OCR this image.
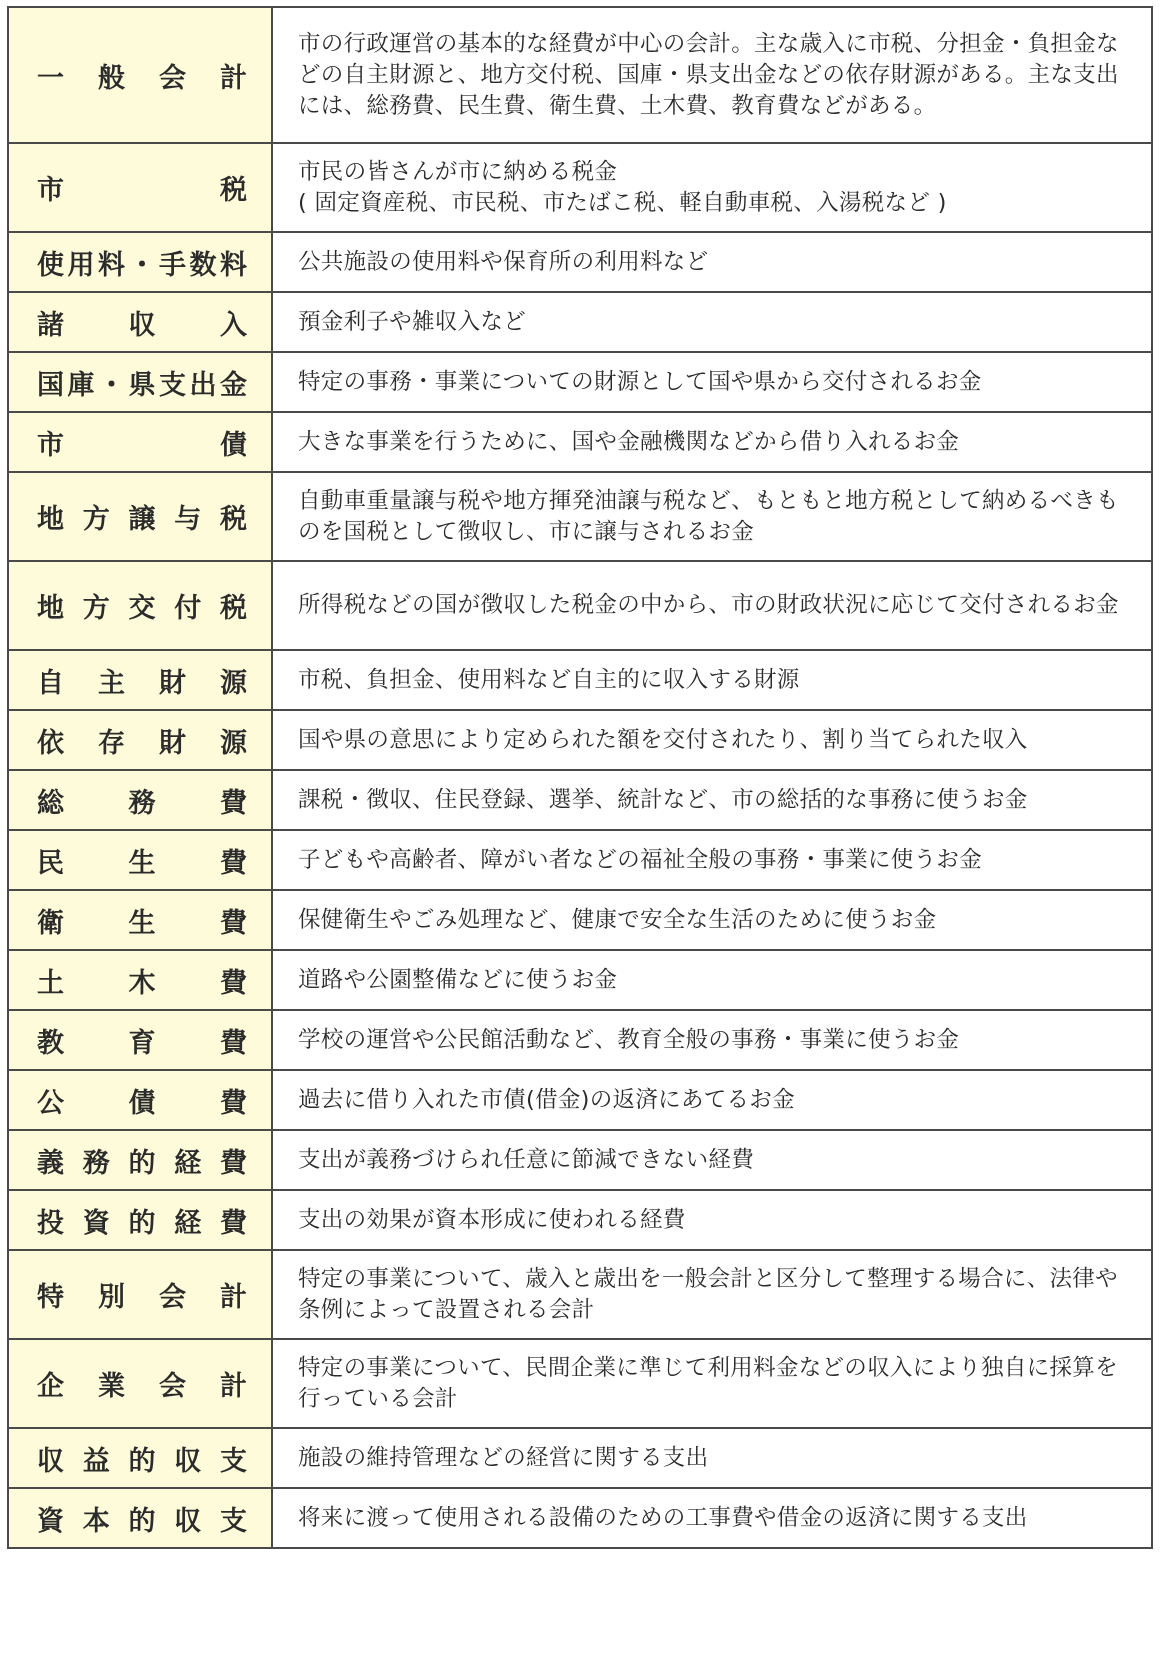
一 般 会 計	市の行政運営の基本的な経費が中心の会計。主な歳入に市税、分担金・負担金などの自主財源と、地方交付税、国庫・県支出金などの依存財源がある。主な支出には、総務費、民生費、衛生費、土木費、教育費などがある。

市 税	市民の皆さんが市に納める税金
( 固定資産税、市民税、市たばこ税、軽自動車税、入湯税など )

使用料・手数料	公共施設の使用料や保育所の利用料など

諸 収 入	預金利子や雑収入など

国庫・県支出金	特定の事務・事業についての財源として国や県から交付されるお金

市 債	大きな事業を行うために、国や金融機関などから借り入れるお金

地 方 譲 与 税	自動車重量譲与税や地方揮発油譲与税など、もともと地方税として納めるべきものを国税として徴収し、市に譲与されるお金

地 方 交 付 税	所得税などの国が徴収した税金の中から、市の財政状況に応じて交付されるお金

自 主 財 源	市税、負担金、使用料など自主的に収入する財源

依 存 財 源	国や県の意思により定められた額を交付されたり、割り当てられた収入

総 務 費	課税・徴収、住民登録、選挙、統計など、市の総括的な事務に使うお金

民 生 費	子どもや高齢者、障がい者などの福祉全般の事務・事業に使うお金

衛 生 費	保健衛生やごみ処理など、健康で安全な生活のために使うお金

土 木 費	道路や公園整備などに使うお金

教 育 費	学校の運営や公民館活動など、教育全般の事務・事業に使うお金

公 債 費	過去に借り入れた市債(借金)の返済にあてるお金

義 務 的 経 費	支出が義務づけられ任意に節減できない経費

投 資 的 経 費	支出の効果が資本形成に使われる経費

特 別 会 計	特定の事業について、歳入と歳出を一般会計と区分して整理する場合に、法律や条例によって設置される会計

企 業 会 計	特定の事業について、民間企業に準じて利用料金などの収入により独自に採算を行っている会計

収 益 的 収 支	施設の維持管理などの経営に関する支出

資 本 的 収 支	将来に渡って使用される設備のための工事費や借金の返済に関する支出
